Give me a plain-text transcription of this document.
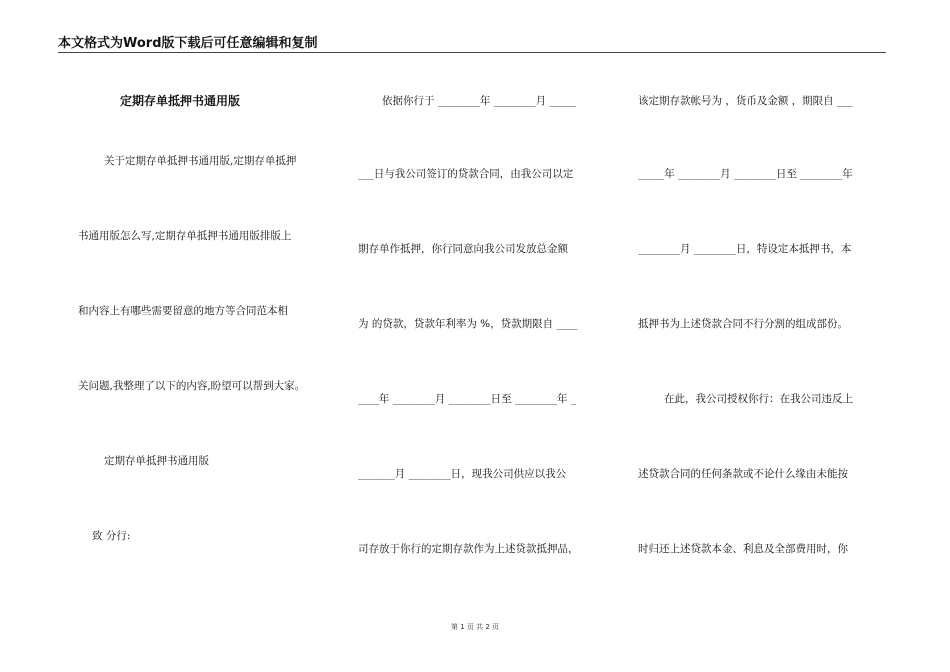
本文格式为Word版下载后可任意编辑和复制
定期存单抵押书通用版
关于定期存单抵押书通用版,定期存单抵押
书通用版怎么写,定期存单抵押书通用版排版上
和内容上有哪些需要留意的地方等合同范本相
关问题,我整理了以下的内容,盼望可以帮到大家。
定期存单抵押书通用版
致 分行:
依据你行于 ________年 ________月 _____
___日与我公司签订的贷款合同，由我公司以定
期存单作抵押，你行同意向我公司发放总金额
为 的贷款，贷款年利率为 %，贷款期限自 ____
____年 ________月 ________日至 ________年 _
_______月 ________日，现我公司供应以我公
司存放于你行的定期存款作为上述贷款抵押品，
该定期存款帐号为 ，货币及金额 ，期限自 ___
_____年 ________月 ________日至 ________年
________月 ________日，特设定本抵押书，本
抵押书为上述贷款合同不行分割的组成部份。
在此，我公司授权你行：在我公司违反上
述贷款合同的任何条款或不论什么缘由未能按
时归还上述贷款本金、利息及全部费用时，你
第 1 页 共 2 页
